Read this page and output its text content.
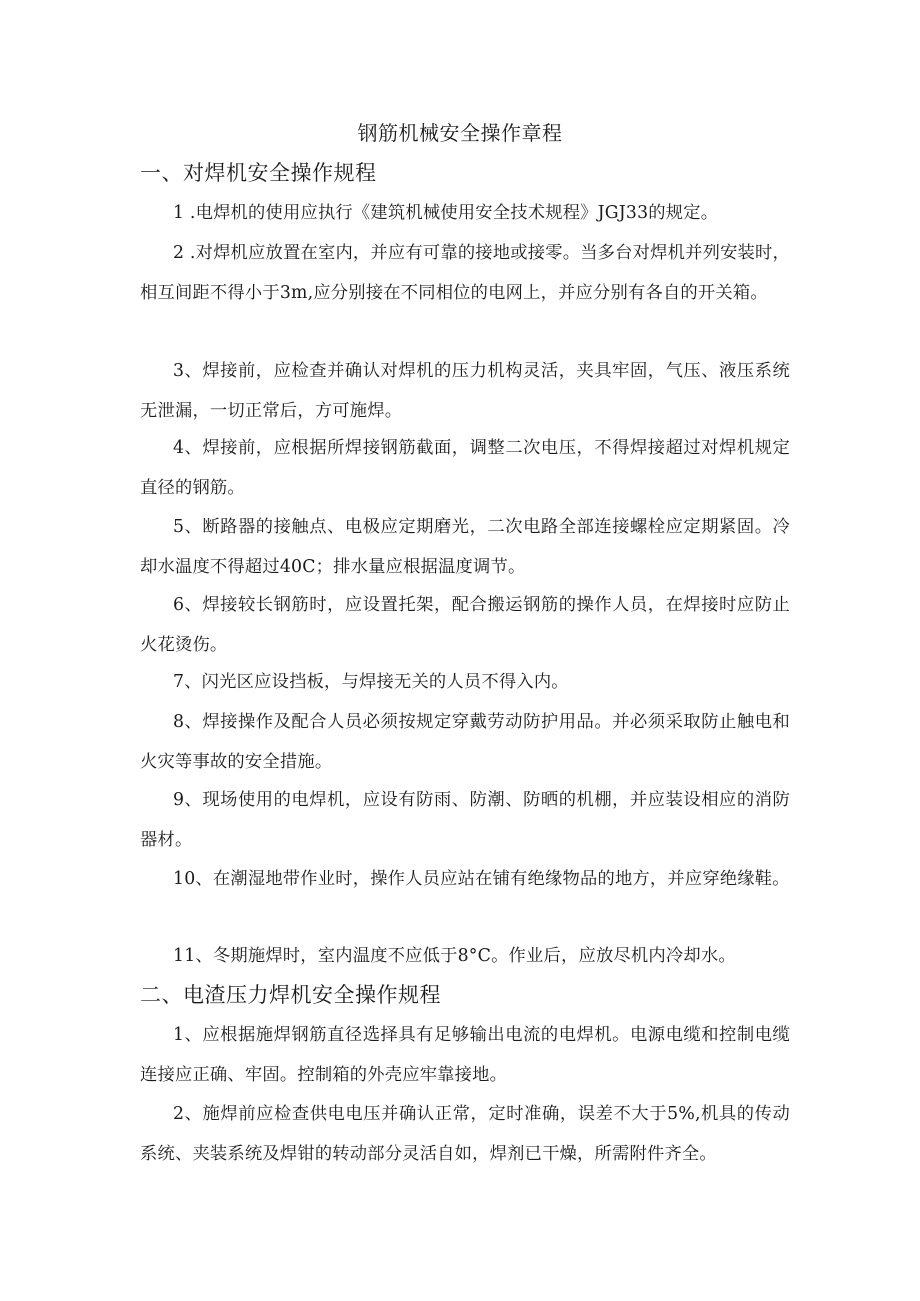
钢筋机械安全操作章程
一、对焊机安全操作规程
1 .电焊机的使用应执行《建筑机械使用安全技术规程》JGJ33的规定。
2 .对焊机应放置在室内，并应有可靠的接地或接零。当多台对焊机并列安装时，相互间距不得小于3m,应分别接在不同相位的电网上，并应分别有各自的开关箱。
3、焊接前，应检查并确认对焊机的压力机构灵活，夹具牢固，气压、液压系统无泄漏，一切正常后，方可施焊。
4、焊接前，应根据所焊接钢筋截面，调整二次电压，不得焊接超过对焊机规定直径的钢筋。
5、断路器的接触点、电极应定期磨光，二次电路全部连接螺栓应定期紧固。冷却水温度不得超过40C；排水量应根据温度调节。
6、焊接较长钢筋时，应设置托架，配合搬运钢筋的操作人员，在焊接时应防止火花烫伤。
7、闪光区应设挡板，与焊接无关的人员不得入内。
8、焊接操作及配合人员必须按规定穿戴劳动防护用品。并必须采取防止触电和火灾等事故的安全措施。
9、现场使用的电焊机，应设有防雨、防潮、防晒的机棚，并应装设相应的消防器材。
10、在潮湿地带作业时，操作人员应站在铺有绝缘物品的地方，并应穿绝缘鞋。
11、冬期施焊时，室内温度不应低于8°C。作业后，应放尽机内冷却水。
二、电渣压力焊机安全操作规程
1、应根据施焊钢筋直径选择具有足够输出电流的电焊机。电源电缆和控制电缆连接应正确、牢固。控制箱的外壳应牢靠接地。
2、施焊前应检查供电电压并确认正常，定时准确，误差不大于5%,机具的传动系统、夹装系统及焊钳的转动部分灵活自如，焊剂已干燥，所需附件齐全。
